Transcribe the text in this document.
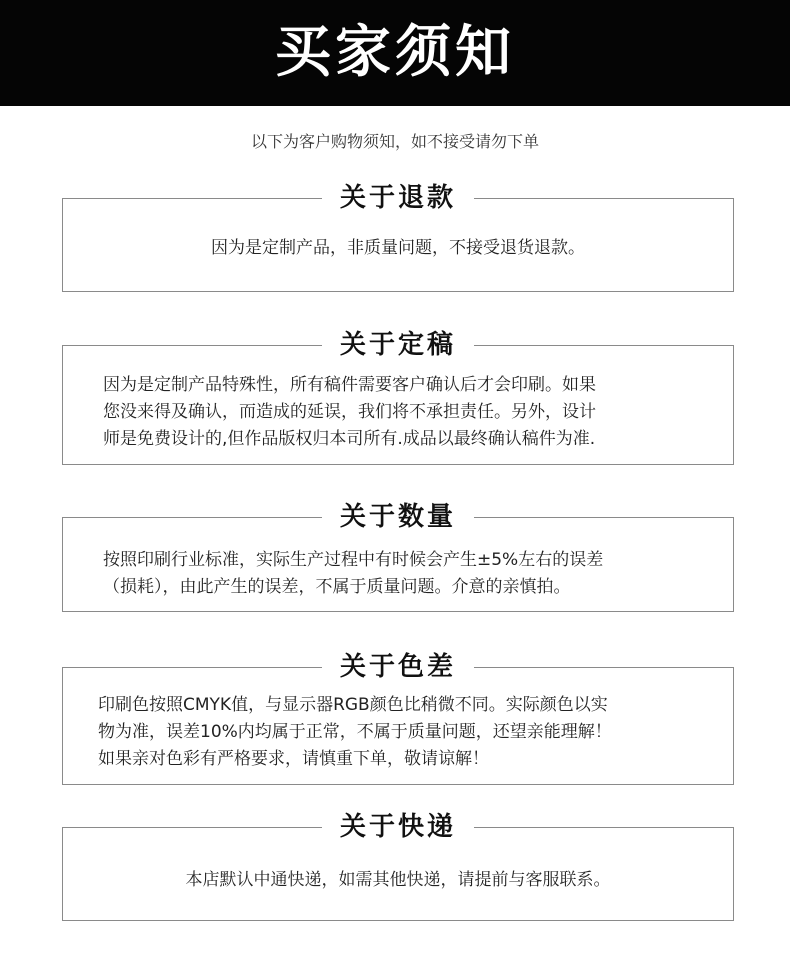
买家须知
以下为客户购物须知，如不接受请勿下单
关于退款
因为是定制产品，非质量问题，不接受退货退款。
关于定稿
因为是定制产品特殊性，所有稿件需要客户确认后才会印刷。如果
您没来得及确认，而造成的延误，我们将不承担责任。另外，设计
师是免费设计的,但作品版权归本司所有.成品以最终确认稿件为准.
关于数量
按照印刷行业标准，实际生产过程中有时候会产生±5%左右的误差
（损耗），由此产生的误差，不属于质量问题。介意的亲慎拍。
关于色差
印刷色按照CMYK值，与显示器RGB颜色比稍微不同。实际颜色以实
物为准，误差10%内均属于正常，不属于质量问题，还望亲能理解！
如果亲对色彩有严格要求，请慎重下单，敬请谅解！
关于快递
本店默认中通快递，如需其他快递，请提前与客服联系。
